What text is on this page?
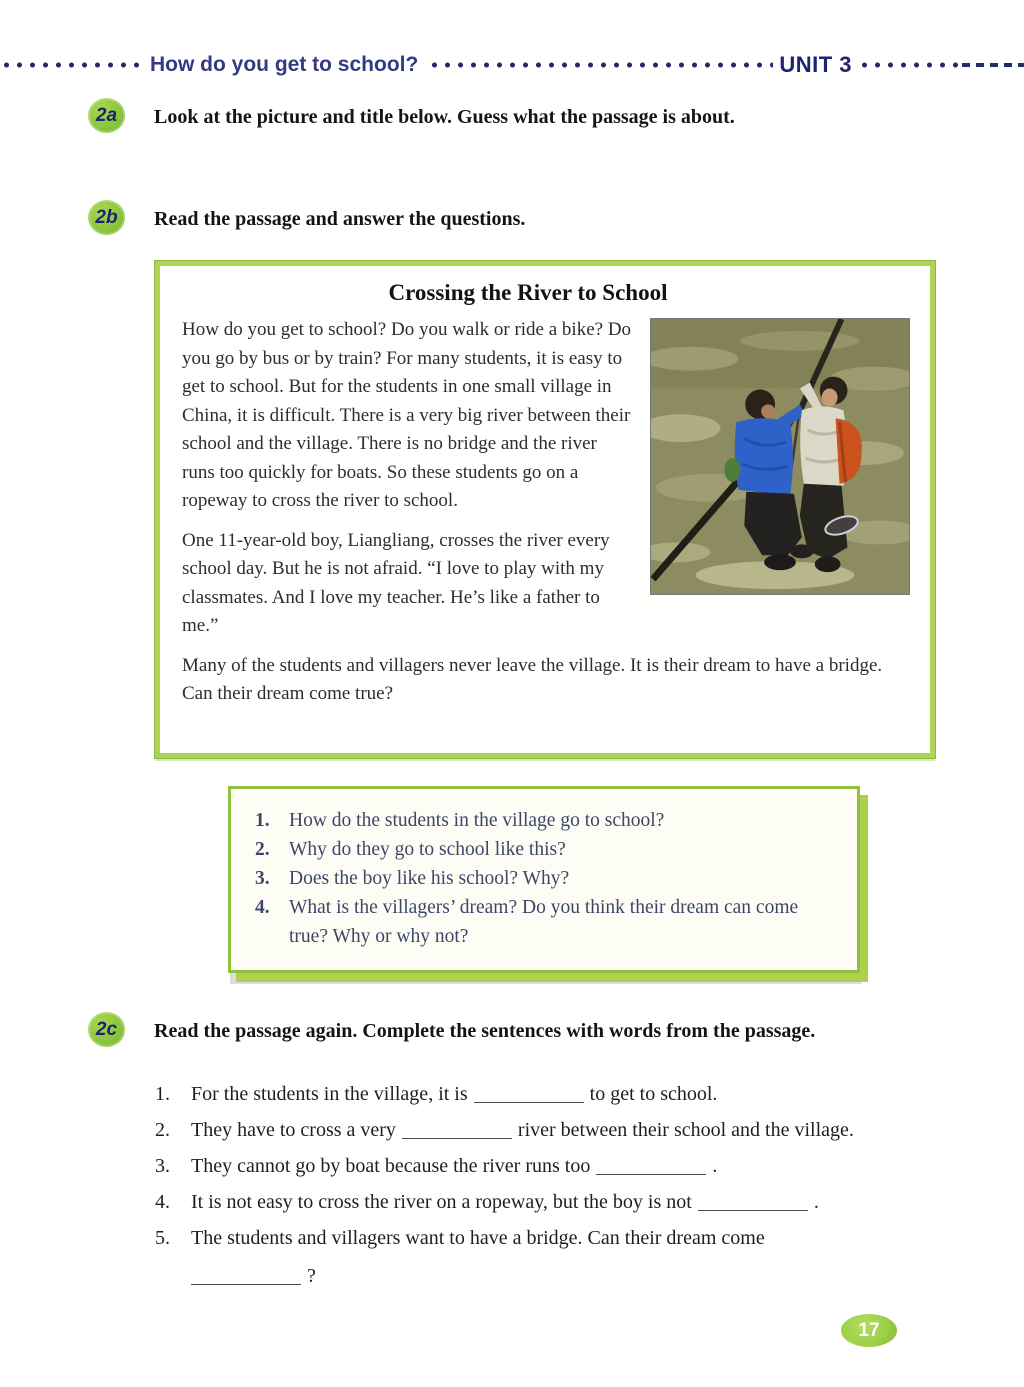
How do you get to school?	UNIT 3
2a	Look at the picture and title below. Guess what the passage is about.
2b	Read the passage and answer the questions.
Crossing the River to School

How do you get to school? Do you walk or ride a bike? Do you go by bus or by train? For many students, it is easy to get to school. But for the students in one small village in China, it is difficult. There is a very big river between their school and the village. There is no bridge and the river runs too quickly for boats. So these students go on a ropeway to cross the river to school.

One 11-year-old boy, Liangliang, crosses the river every school day. But he is not afraid. “I love to play with my classmates. And I love my teacher. He’s like a father to me.”

Many of the students and villagers never leave the village. It is their dream to have a bridge. Can their dream come true?

1. How do the students in the village go to school?
2. Why do they go to school like this?
3. Does the boy like his school? Why?
4. What is the villagers’ dream? Do you think their dream can come true? Why or why not?
2c	Read the passage again. Complete the sentences with words from the passage.
1.	For the students in the village, it is	to get to school.
2.	They have to cross a very	river between their school and the village.
3.	They cannot go by boat because the river runs too	.
4.	It is not easy to cross the river on a ropeway, but the boy is not	.
5.	The students and villagers want to have a bridge. Can their dream come
?
17
